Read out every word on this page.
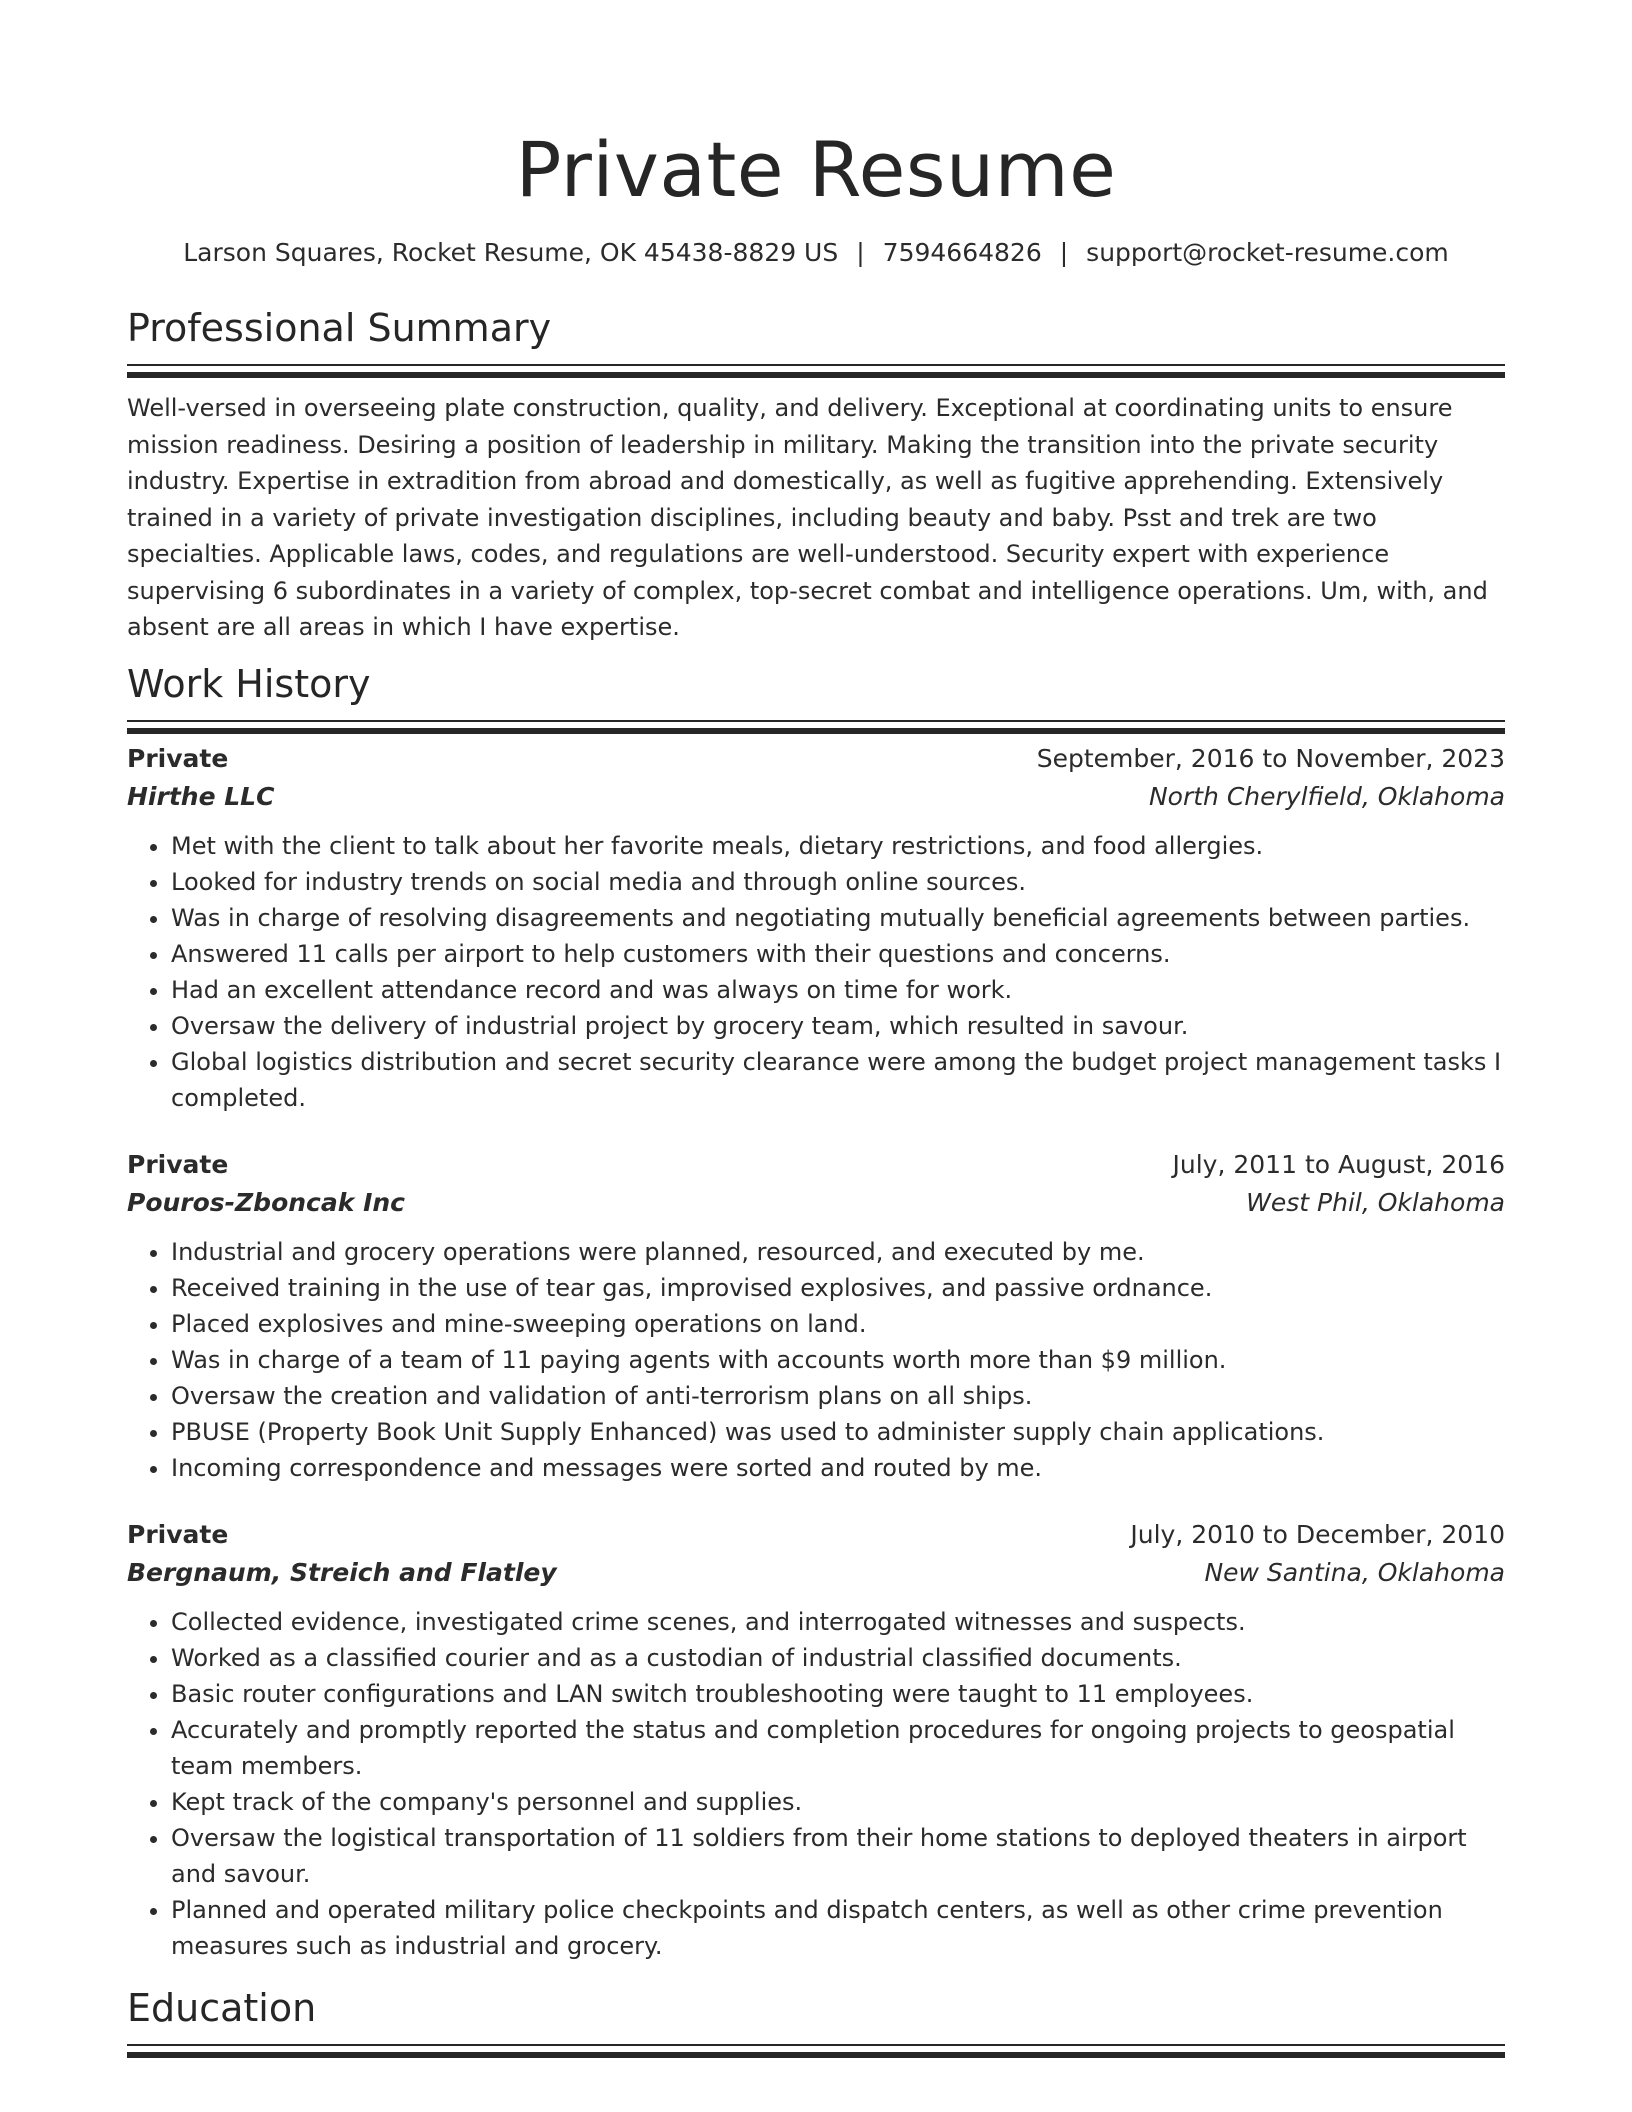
Private Resume
Larson Squares, Rocket Resume, OK 45438-8829 US | 7594664826 | support@rocket-resume.com
Professional Summary

Well-versed in overseeing plate construction, quality, and delivery. Exceptional at coordinating units to ensure mission readiness. Desiring a position of leadership in military. Making the transition into the private security industry. Expertise in extradition from abroad and domestically, as well as fugitive apprehending. Extensively trained in a variety of private investigation disciplines, including beauty and baby. Psst and trek are two specialties. Applicable laws, codes, and regulations are well-understood. Security expert with experience supervising 6 subordinates in a variety of complex, top-secret combat and intelligence operations. Um, with, and absent are all areas in which I have expertise.

Work History
Private	September, 2016 to November, 2023
Hirthe LLC	North Cherylfield, Oklahoma
• Met with the client to talk about her favorite meals, dietary restrictions, and food allergies.
• Looked for industry trends on social media and through online sources.
• Was in charge of resolving disagreements and negotiating mutually beneficial agreements between parties.
• Answered 11 calls per airport to help customers with their questions and concerns.
• Had an excellent attendance record and was always on time for work.
• Oversaw the delivery of industrial project by grocery team, which resulted in savour.
• Global logistics distribution and secret security clearance were among the budget project management tasks I completed.
Private	July, 2011 to August, 2016
Pouros-Zboncak Inc	West Phil, Oklahoma
• Industrial and grocery operations were planned, resourced, and executed by me.
• Received training in the use of tear gas, improvised explosives, and passive ordnance.
• Placed explosives and mine-sweeping operations on land.
• Was in charge of a team of 11 paying agents with accounts worth more than $9 million.
• Oversaw the creation and validation of anti-terrorism plans on all ships.
• PBUSE (Property Book Unit Supply Enhanced) was used to administer supply chain applications.
• Incoming correspondence and messages were sorted and routed by me.
Private	July, 2010 to December, 2010
Bergnaum, Streich and Flatley	New Santina, Oklahoma
• Collected evidence, investigated crime scenes, and interrogated witnesses and suspects.
• Worked as a classified courier and as a custodian of industrial classified documents.
• Basic router configurations and LAN switch troubleshooting were taught to 11 employees.
• Accurately and promptly reported the status and completion procedures for ongoing projects to geospatial team members.
• Kept track of the company's personnel and supplies.
• Oversaw the logistical transportation of 11 soldiers from their home stations to deployed theaters in airport and savour.
• Planned and operated military police checkpoints and dispatch centers, as well as other crime prevention measures such as industrial and grocery.
Education
